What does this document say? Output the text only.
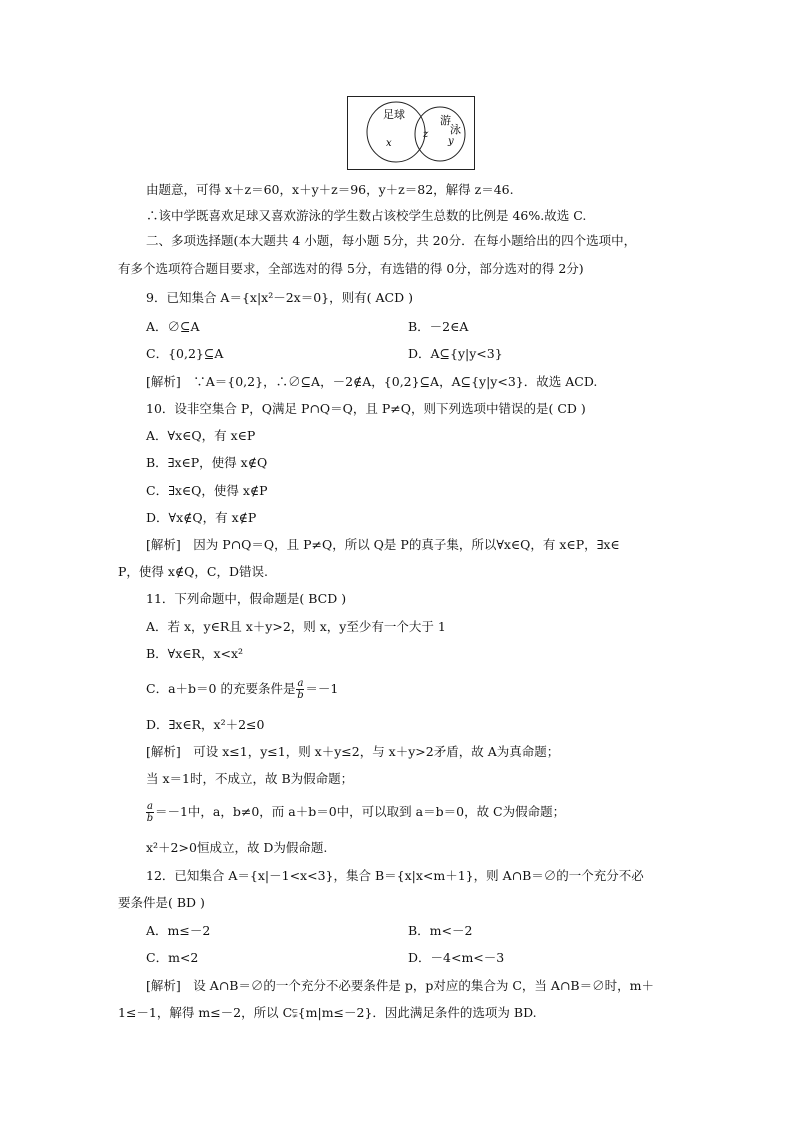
足球	游
泳
x
z
y
由题意，可得 x＋z＝60，x＋y＋z＝96，y＋z＝82，解得 z＝46.
∴该中学既喜欢足球又喜欢游泳的学生数占该校学生总数的比例是 46%.故选 C.
二、多项选择题(本大题共 4 小题，每小题 5分，共 20分．在每小题给出的四个选项中，
有多个选项符合题目要求，全部选对的得 5分，有选错的得 0分，部分选对的得 2分)
9．已知集合 A＝{x|x²－2x＝0}，则有( ACD )
A．∅⊆A	B．－2∈A
C．{0,2}⊆A	D．A⊆{y|y<3}
[解析]　∵A＝{0,2}，∴∅⊆A，－2∉A，{0,2}⊆A，A⊆{y|y<3}．故选 ACD.
10．设非空集合 P，Q满足 P∩Q＝Q，且 P≠Q，则下列选项中错误的是( CD )
A．∀x∈Q，有 x∈P
B．∃x∈P，使得 x∉Q
C．∃x∈Q，使得 x∉P
D．∀x∉Q，有 x∉P
[解析]　因为 P∩Q＝Q，且 P≠Q，所以 Q是 P的真子集，所以∀x∈Q，有 x∈P，∃x∈
P，使得 x∉Q，C，D错误.
11．下列命题中，假命题是( BCD )
A．若 x，y∈R且 x＋y>2，则 x，y至少有一个大于 1
B．∀x∈R，x<x²
C．a＋b＝0 的充要条件是 $\frac{a}{b} =-1$
D．∃x∈R，x²＋2≤0
[解析]　可设 x≤1，y≤1，则 x＋y≤2，与 x＋y>2矛盾，故 A为真命题；
当 x＝1时，不成立，故 B为假命题；
$\frac{a}{b} =-1$中，a，b≠0，而 a＋b＝0中，可以取到 a＝b＝0，故 C为假命题；
x²＋2>0恒成立，故 D为假命题.
12．已知集合 A＝{x|－1<x<3}，集合 B＝{x|x<m＋1}，则 A∩B＝∅的一个充分不必
要条件是( BD )
A．m≤－2	B．m<－2
C．m<2	D．－4<m<－3
[解析]　设 A∩B＝∅的一个充分不必要条件是 p，p对应的集合为 C，当 A∩B＝∅时，m＋
1≤－1，解得 m≤－2，所以 C⫋{m|m≤－2}．因此满足条件的选项为 BD.
